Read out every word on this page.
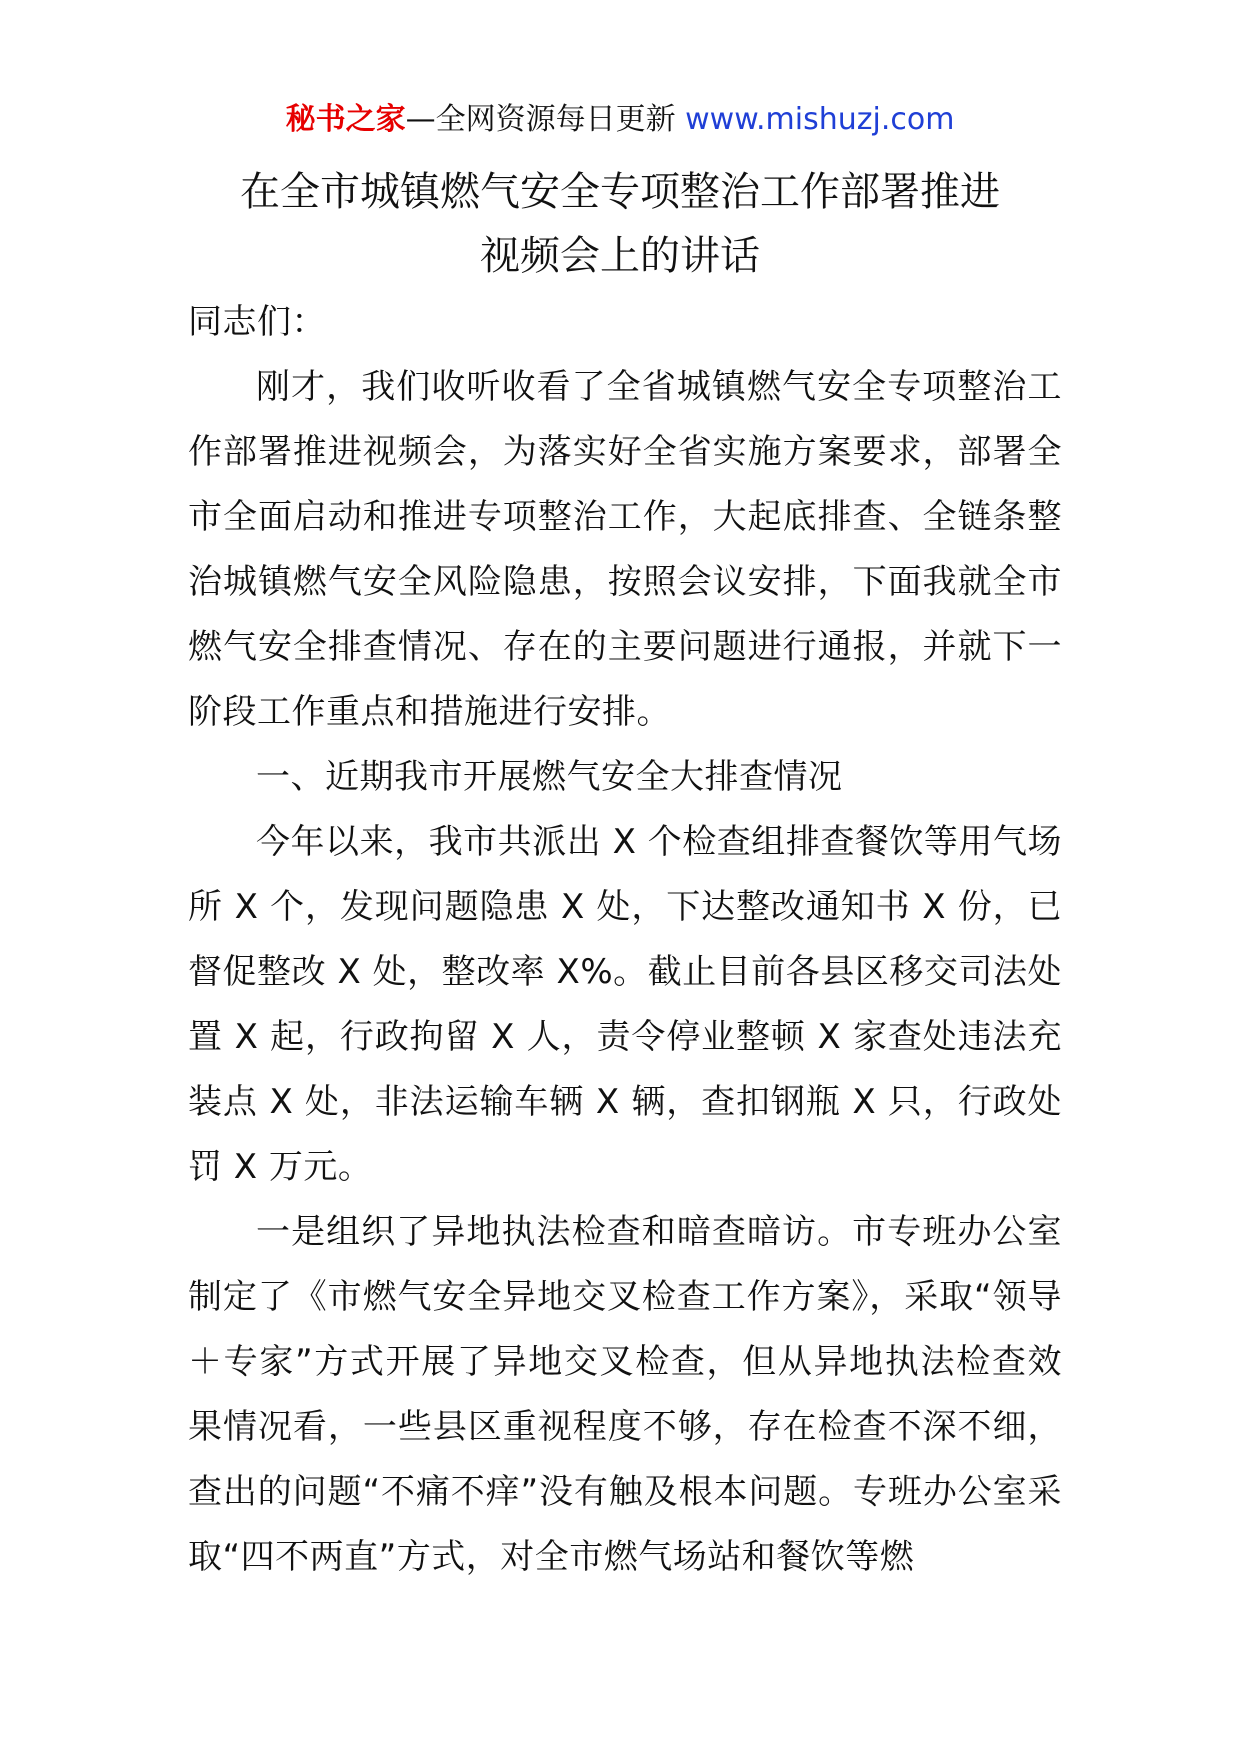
秘书之家—全网资源每日更新 www.mishuzj.com
在全市城镇燃气安全专项整治工作部署推进
视频会上的讲话

同志们：

刚才，我们收听收看了全省城镇燃气安全专项整治工作部署推进视频会，为落实好全省实施方案要求，部署全市全面启动和推进专项整治工作，大起底排查、全链条整治城镇燃气安全风险隐患，按照会议安排，下面我就全市燃气安全排查情况、存在的主要问题进行通报，并就下一阶段工作重点和措施进行安排。

一、近期我市开展燃气安全大排查情况

今年以来，我市共派出 X 个检查组排查餐饮等用气场所 X 个，发现问题隐患 X 处，下达整改通知书 X 份，已督促整改 X 处，整改率 X%。截止目前各县区移交司法处置 X 起，行政拘留 X 人，责令停业整顿 X 家查处违法充装点 X 处，非法运输车辆 X 辆，查扣钢瓶 X 只，行政处罚 X 万元。

一是组织了异地执法检查和暗查暗访。市专班办公室制定了《市燃气安全异地交叉检查工作方案》，采取“领导＋专家”方式开展了异地交叉检查，但从异地执法检查效果情况看，一些县区重视程度不够，存在检查不深不细，查出的问题“不痛不痒”没有触及根本问题。专班办公室采取“四不两直”方式，对全市燃气场站和餐饮等燃
